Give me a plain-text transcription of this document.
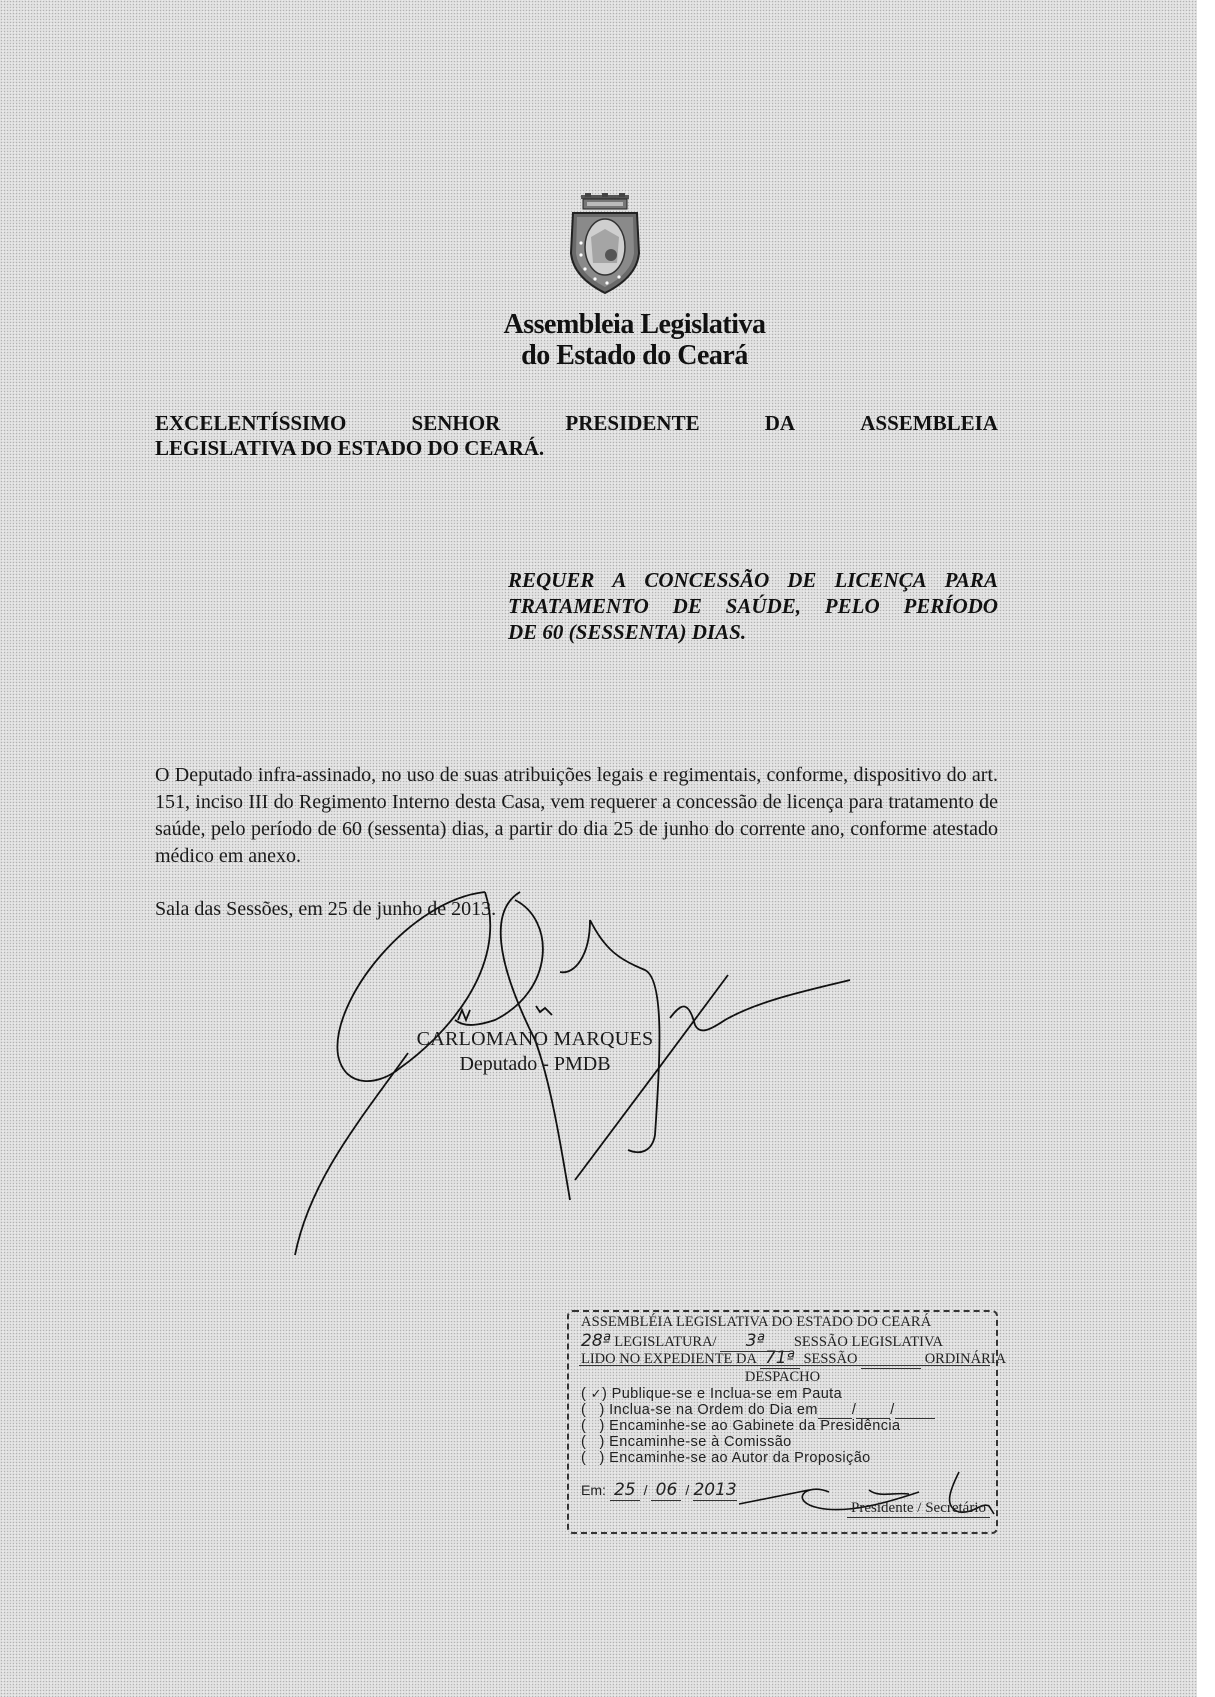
Assembleia Legislativa
do Estado do Ceará
EXCELENTÍSSIMO	SENHOR	PRESIDENTE	DA	ASSEMBLEIA
LEGISLATIVA DO ESTADO DO CEARÁ.
REQUER A CONCESSÃO DE LICENÇA PARA
TRATAMENTO DE SAÚDE, PELO PERÍODO
DE 60 (SESSENTA) DIAS.

O Deputado infra-assinado, no uso de suas atribuições legais e regimentais, conforme, dispositivo do art. 151, inciso III do Regimento Interno desta Casa, vem requerer a concessão de licença para tratamento de saúde, pelo período de 60 (sessenta) dias, a partir do dia 25 de junho do corrente ano, conforme atestado médico em anexo.

Sala das Sessões, em 25 de junho de 2013.
CARLOMANO MARQUES
Deputado - PMDB
ASSEMBLÉIA LEGISLATIVA DO ESTADO DO CEARÁ
28ª LEGISLATURA/ 3ª SESSÃO LEGISLATIVA
LIDO NO EXPEDIENTE DA 71ª SESSÃO	ORDINÁRIA
DESPACHO
( ✓) Publique-se e Inclua-se em Pauta
(   ) Inclua-se na Ordem do Dia em / /
(   ) Encaminhe-se ao Gabinete da Presidência
(   ) Encaminhe-se à Comissão
(   ) Encaminhe-se ao Autor da Proposição
Em: 25 / 06 / 2013
Presidente / Secretário
